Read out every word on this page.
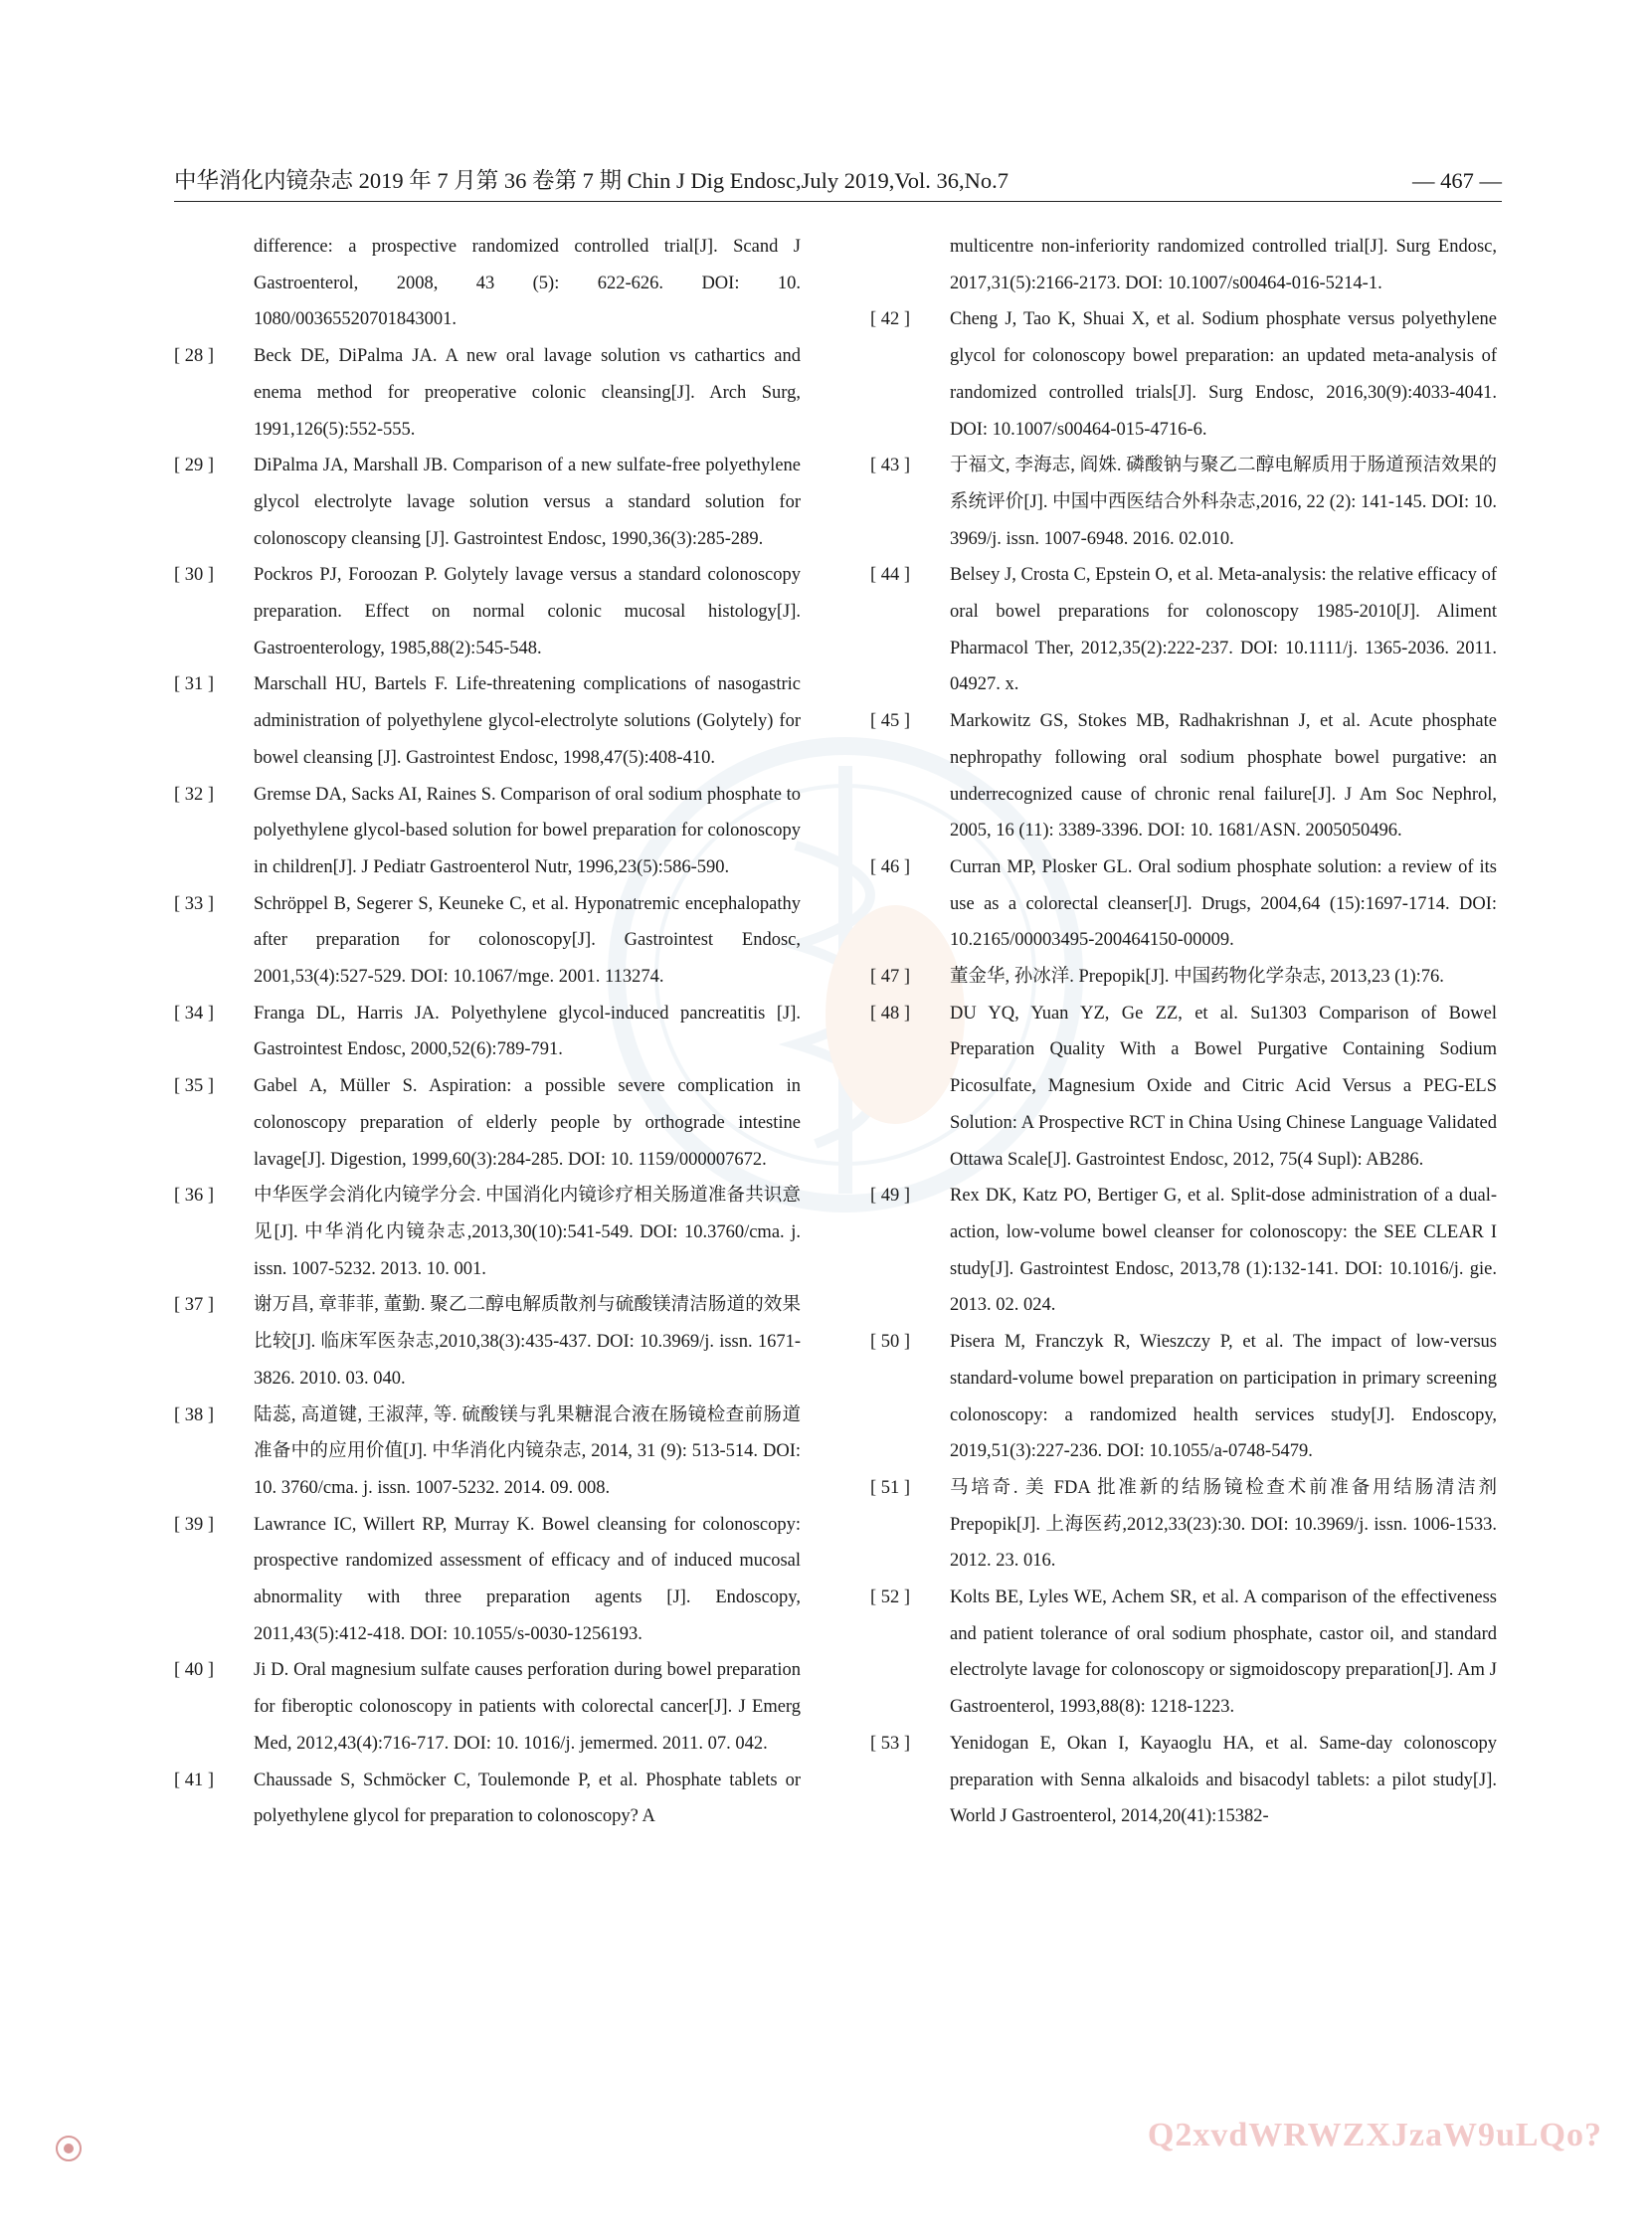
中华消化内镜杂志 2019 年 7 月第 36 卷第 7 期 Chin J Dig Endosc,July 2019,Vol. 36,No.7	— 467 —
difference: a prospective randomized controlled trial[J]. Scand J Gastroenterol, 2008, 43 (5): 622-626. DOI: 10. 1080/00365520701843001.
[ 28 ]	Beck DE, DiPalma JA. A new oral lavage solution vs cathartics and enema method for preoperative colonic cleansing[J]. Arch Surg, 1991,126(5):552-555.
[ 29 ]	DiPalma JA, Marshall JB. Comparison of a new sulfate-free polyethylene glycol electrolyte lavage solution versus a standard solution for colonoscopy cleansing [J]. Gastrointest Endosc, 1990,36(3):285-289.
[ 30 ]	Pockros PJ, Foroozan P. Golytely lavage versus a standard colonoscopy preparation. Effect on normal colonic mucosal histology[J]. Gastroenterology, 1985,88(2):545-548.
[ 31 ]	Marschall HU, Bartels F. Life-threatening complications of nasogastric administration of polyethylene glycol-electrolyte solutions (Golytely) for bowel cleansing [J]. Gastrointest Endosc, 1998,47(5):408-410.
[ 32 ]	Gremse DA, Sacks AI, Raines S. Comparison of oral sodium phosphate to polyethylene glycol-based solution for bowel preparation for colonoscopy in children[J]. J Pediatr Gastroenterol Nutr, 1996,23(5):586-590.
[ 33 ]	Schröppel B, Segerer S, Keuneke C, et al. Hyponatremic encephalopathy after preparation for colonoscopy[J]. Gastrointest Endosc, 2001,53(4):527-529. DOI: 10.1067/mge. 2001. 113274.
[ 34 ]	Franga DL, Harris JA. Polyethylene glycol-induced pancreatitis [J]. Gastrointest Endosc, 2000,52(6):789-791.
[ 35 ]	Gabel A, Müller S. Aspiration: a possible severe complication in colonoscopy preparation of elderly people by orthograde intestine lavage[J]. Digestion, 1999,60(3):284-285. DOI: 10. 1159/000007672.
[ 36 ]	中华医学会消化内镜学分会. 中国消化内镜诊疗相关肠道准备共识意见[J]. 中华消化内镜杂志,2013,30(10):541-549. DOI: 10.3760/cma. j. issn. 1007-5232. 2013. 10. 001.
[ 37 ]	谢万昌, 章菲菲, 董勤. 聚乙二醇电解质散剂与硫酸镁清洁肠道的效果比较[J]. 临床军医杂志,2010,38(3):435-437. DOI: 10.3969/j. issn. 1671-3826. 2010. 03. 040.
[ 38 ]	陆蕊, 高道键, 王淑萍, 等. 硫酸镁与乳果糖混合液在肠镜检查前肠道准备中的应用价值[J]. 中华消化内镜杂志, 2014, 31 (9): 513-514. DOI: 10. 3760/cma. j. issn. 1007-5232. 2014. 09. 008.
[ 39 ]	Lawrance IC, Willert RP, Murray K. Bowel cleansing for colonoscopy: prospective randomized assessment of efficacy and of induced mucosal abnormality with three preparation agents [J]. Endoscopy, 2011,43(5):412-418. DOI: 10.1055/s-0030-1256193.
[ 40 ]	Ji D. Oral magnesium sulfate causes perforation during bowel preparation for fiberoptic colonoscopy in patients with colorectal cancer[J]. J Emerg Med, 2012,43(4):716-717. DOI: 10. 1016/j. jemermed. 2011. 07. 042.
[ 41 ]	Chaussade S, Schmöcker C, Toulemonde P, et al. Phosphate tablets or polyethylene glycol for preparation to colonoscopy? A
multicentre non-inferiority randomized controlled trial[J]. Surg Endosc, 2017,31(5):2166-2173. DOI: 10.1007/s00464-016-5214-1.
[ 42 ]	Cheng J, Tao K, Shuai X, et al. Sodium phosphate versus polyethylene glycol for colonoscopy bowel preparation: an updated meta-analysis of randomized controlled trials[J]. Surg Endosc, 2016,30(9):4033-4041. DOI: 10.1007/s00464-015-4716-6.
[ 43 ]	于福文, 李海志, 阎姝. 磷酸钠与聚乙二醇电解质用于肠道预洁效果的系统评价[J]. 中国中西医结合外科杂志,2016, 22 (2): 141-145. DOI: 10. 3969/j. issn. 1007-6948. 2016. 02.010.
[ 44 ]	Belsey J, Crosta C, Epstein O, et al. Meta-analysis: the relative efficacy of oral bowel preparations for colonoscopy 1985-2010[J]. Aliment Pharmacol Ther, 2012,35(2):222-237. DOI: 10.1111/j. 1365-2036. 2011. 04927. x.
[ 45 ]	Markowitz GS, Stokes MB, Radhakrishnan J, et al. Acute phosphate nephropathy following oral sodium phosphate bowel purgative: an underrecognized cause of chronic renal failure[J]. J Am Soc Nephrol, 2005, 16 (11): 3389-3396. DOI: 10. 1681/ASN. 2005050496.
[ 46 ]	Curran MP, Plosker GL. Oral sodium phosphate solution: a review of its use as a colorectal cleanser[J]. Drugs, 2004,64 (15):1697-1714. DOI: 10.2165/00003495-200464150-00009.
[ 47 ]	董金华, 孙冰洋. Prepopik[J]. 中国药物化学杂志, 2013,23 (1):76.
[ 48 ]	DU YQ, Yuan YZ, Ge ZZ, et al. Su1303 Comparison of Bowel Preparation Quality With a Bowel Purgative Containing Sodium Picosulfate, Magnesium Oxide and Citric Acid Versus a PEG-ELS Solution: A Prospective RCT in China Using Chinese Language Validated Ottawa Scale[J]. Gastrointest Endosc, 2012, 75(4 Supl): AB286.
[ 49 ]	Rex DK, Katz PO, Bertiger G, et al. Split-dose administration of a dual-action, low-volume bowel cleanser for colonoscopy: the SEE CLEAR I study[J]. Gastrointest Endosc, 2013,78 (1):132-141. DOI: 10.1016/j. gie. 2013. 02. 024.
[ 50 ]	Pisera M, Franczyk R, Wieszczy P, et al. The impact of low-versus standard-volume bowel preparation on participation in primary screening colonoscopy: a randomized health services study[J]. Endoscopy, 2019,51(3):227-236. DOI: 10.1055/a-0748-5479.
[ 51 ]	马培奇. 美 FDA 批准新的结肠镜检查术前准备用结肠清洁剂 Prepopik[J]. 上海医药,2012,33(23):30. DOI: 10.3969/j. issn. 1006-1533. 2012. 23. 016.
[ 52 ]	Kolts BE, Lyles WE, Achem SR, et al. A comparison of the effectiveness and patient tolerance of oral sodium phosphate, castor oil, and standard electrolyte lavage for colonoscopy or sigmoidoscopy preparation[J]. Am J Gastroenterol, 1993,88(8): 1218-1223.
[ 53 ]	Yenidogan E, Okan I, Kayaoglu HA, et al. Same-day colonoscopy preparation with Senna alkaloids and bisacodyl tablets: a pilot study[J]. World J Gastroenterol, 2014,20(41):15382-
Q2xvdWRWZXJzaW9uLQo?
